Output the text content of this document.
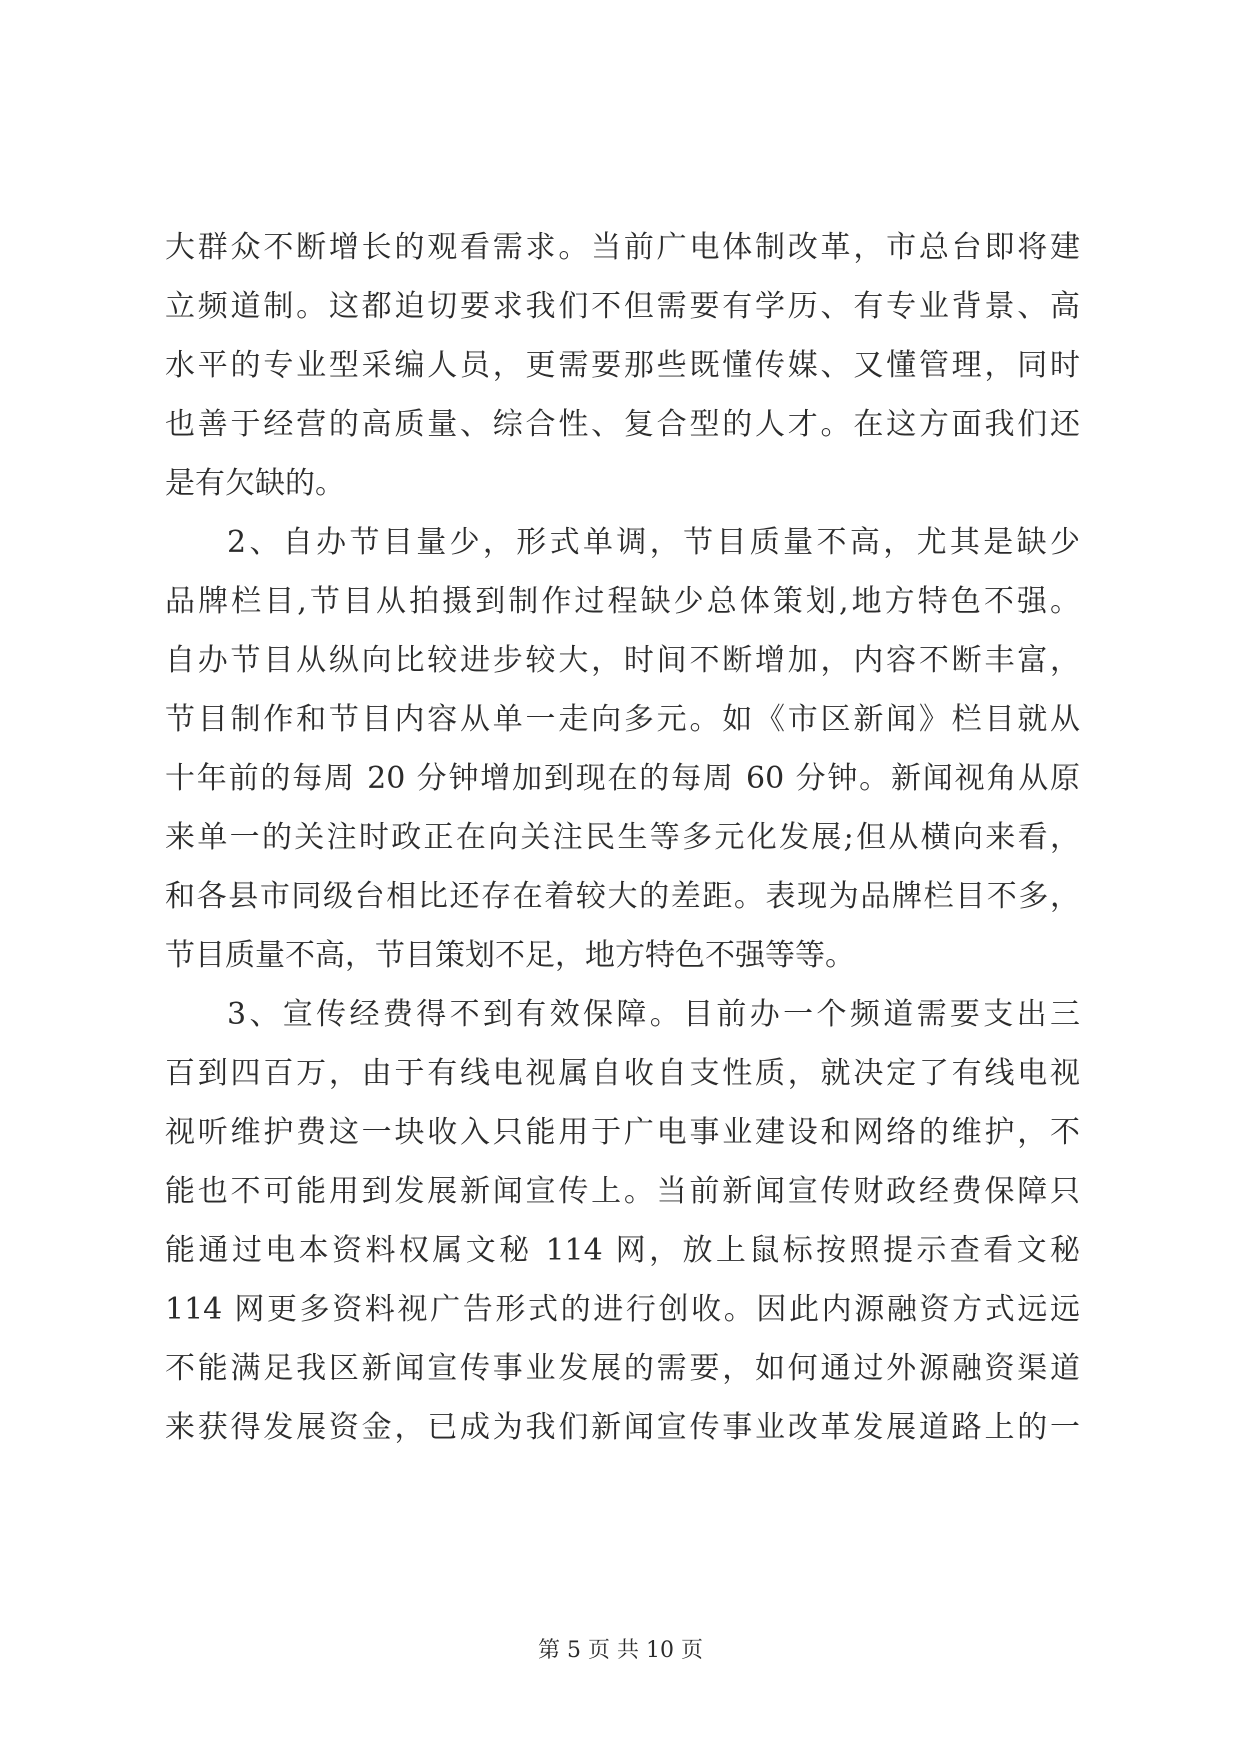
大群众不断增长的观看需求。当前广电体制改革，市总台即将建
立频道制。这都迫切要求我们不但需要有学历、有专业背景、高
水平的专业型采编人员，更需要那些既懂传媒、又懂管理，同时
也善于经营的高质量、综合性、复合型的人才。在这方面我们还
是有欠缺的。
2、自办节目量少，形式单调，节目质量不高，尤其是缺少
品牌栏目,节目从拍摄到制作过程缺少总体策划,地方特色不强。
自办节目从纵向比较进步较大，时间不断增加，内容不断丰富，
节目制作和节目内容从单一走向多元。如《市区新闻》栏目就从
十年前的每周 20 分钟增加到现在的每周 60 分钟。新闻视角从原
来单一的关注时政正在向关注民生等多元化发展;但从横向来看，
和各县市同级台相比还存在着较大的差距。表现为品牌栏目不多，
节目质量不高，节目策划不足，地方特色不强等等。
3、宣传经费得不到有效保障。目前办一个频道需要支出三
百到四百万，由于有线电视属自收自支性质，就决定了有线电视
视听维护费这一块收入只能用于广电事业建设和网络的维护，不
能也不可能用到发展新闻宣传上。当前新闻宣传财政经费保障只
能通过电本资料权属文秘 114 网，放上鼠标按照提示查看文秘
114 网更多资料视广告形式的进行创收。因此内源融资方式远远
不能满足我区新闻宣传事业发展的需要，如何通过外源融资渠道
来获得发展资金，已成为我们新闻宣传事业改革发展道路上的一
第 5 页 共 10 页
